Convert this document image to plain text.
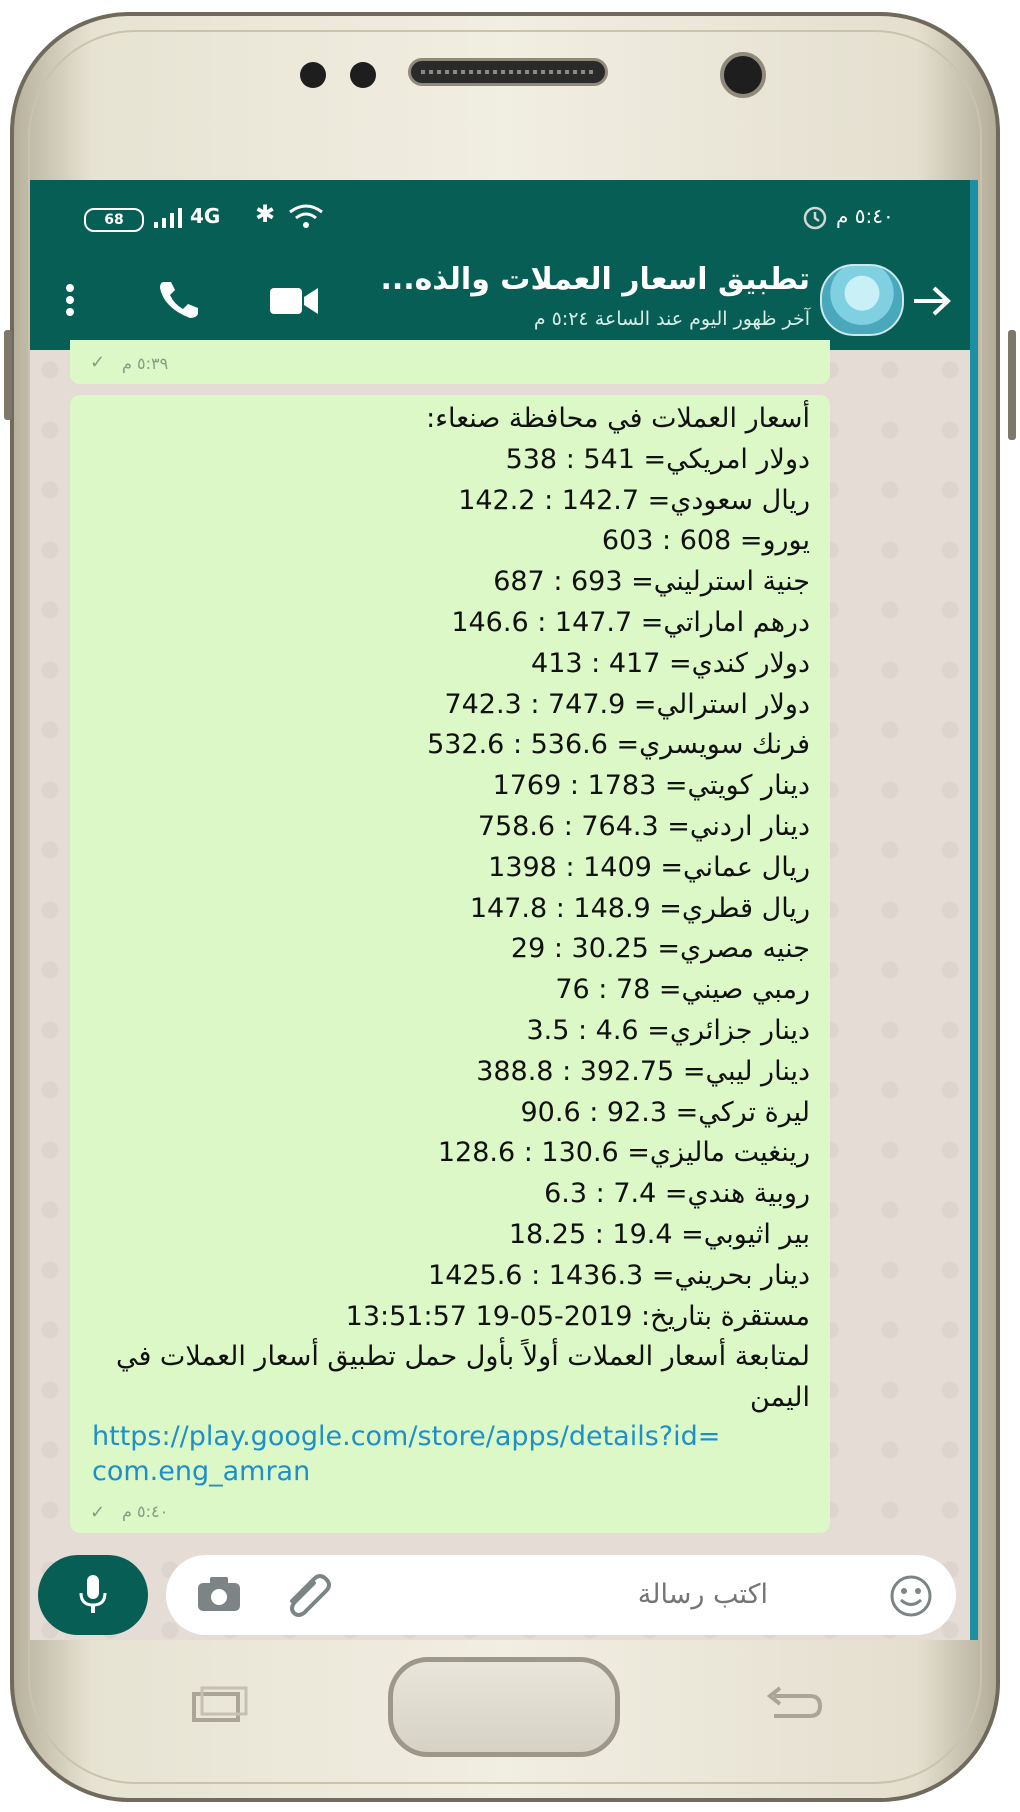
68	4G ✱	٥:٤٠ م
تطبيق اسعار العملات والذه...
آخر ظهور اليوم عند الساعة ٥:٢٤ م
٥:٣٩ م
✓
أسعار العملات في محافظة صنعاء:
دولار امريكي= 541 : 538
ريال سعودي= 142.7 : 142.2
يورو= 608 : 603
جنية استرليني= 693 : 687
درهم اماراتي= 147.7 : 146.6
دولار كندي= 417 : 413
دولار استرالي= 747.9 : 742.3
فرنك سويسري= 536.6 : 532.6
دينار كويتي= 1783 : 1769
دينار اردني= 764.3 : 758.6
ريال عماني= 1409 : 1398
ريال قطري= 148.9 : 147.8
جنيه مصري= 30.25 : 29
رمبي صيني= 78 : 76
دينار جزائري= 4.6 : 3.5
دينار ليبي= 392.75 : 388.8
ليرة تركي= 92.3 : 90.6
رينغيت ماليزي= 130.6 : 128.6
روبية هندي= 7.4 : 6.3
بير اثيوبي= 19.4 : 18.25
دينار بحريني= 1436.3 : 1425.6
مستقرة بتاريخ: 2019-05-19 13:51:57
لمتابعة أسعار العملات أولاً بأول حمل تطبيق أسعار العملات في اليمن
https://play.google.com/store/apps/details?id=com.eng_amran
٥:٤٠ م
✓
اكتب رسالة
